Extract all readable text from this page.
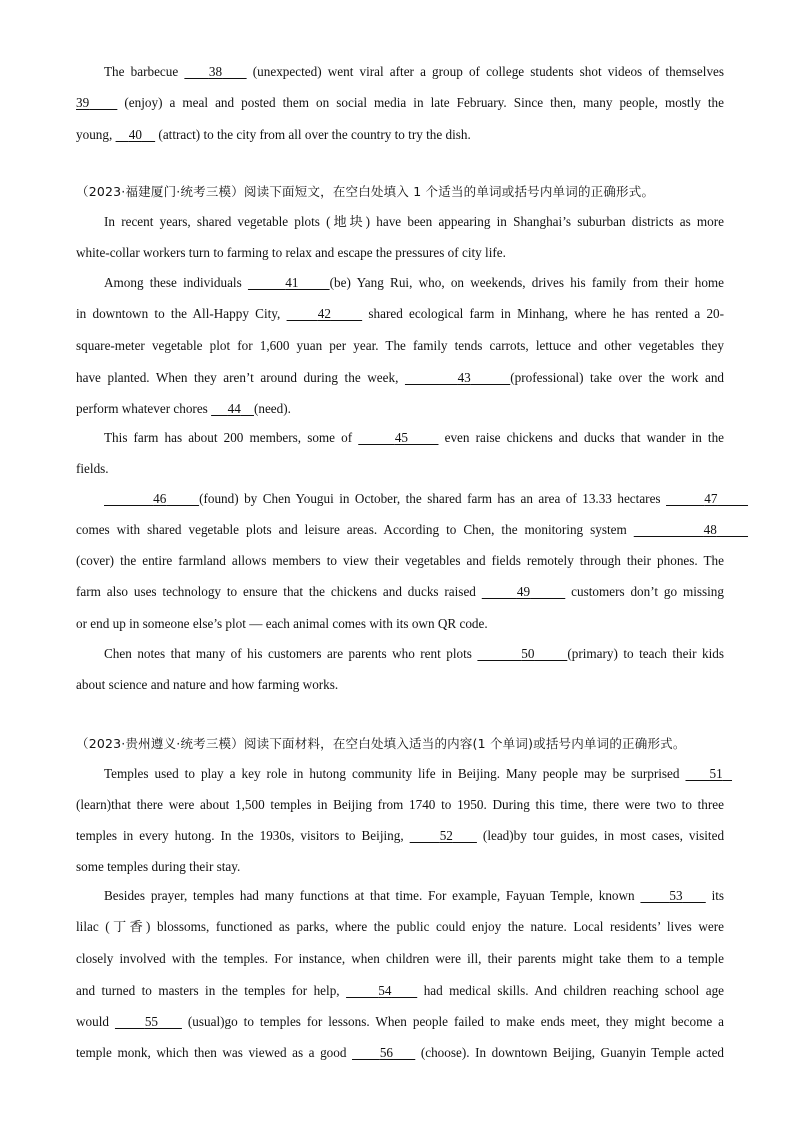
The barbecue 38 (unexpected) went viral after a group of college students shot videos of themselves
39	(enjoy) a meal and posted them on social media in late February. Since then, many people, mostly the
young, 40 (attract) to the city from all over the country to try the dish.
（2023·福建厦门·统考三模）阅读下面短文，在空白处填入 1 个适当的单词或括号内单词的正确形式。
In recent years, shared vegetable plots (地块) have been appearing in Shanghai’s suburban districts as more
white-collar workers turn to farming to relax and escape the pressures of city life.
Among these individuals	41 (be) Yang Rui, who, on weekends, drives his family from their home
in downtown to the All-Happy City,	42	shared ecological farm in Minhang, where he has rented a 20-
square-meter vegetable plot for 1,600 yuan per year. The family tends carrots, lettuce and other vegetables they
have planted. When they aren’t around during the week,	43	(professional) take over the work and
perform whatever chores 44 (need).
This farm has about 200 members, some of	45	even raise chickens and ducks that wander in the
fields.
46 (found) by Chen Yougui in October, the shared farm has an area of 13.33 hectares	47
comes with shared vegetable plots and leisure areas. According to Chen, the monitoring system	48
(cover) the entire farmland allows members to view their vegetables and fields remotely through their phones. The
farm also uses technology to ensure that the chickens and ducks raised	49	customers don’t go missing
or end up in someone else’s plot — each animal comes with its own QR code.
Chen notes that many of his customers are parents who rent plots	50 (primary) to teach their kids
about science and nature and how farming works.
（2023·贵州遵义·统考三模）阅读下面材料，在空白处填入适当的内容(1 个单词)或括号内单词的正确形式。
Temples used to play a key role in hutong community life in Beijing. Many people may be surprised 51
(learn)that there were about 1,500 temples in Beijing from 1740 to 1950. During this time, there were two to three
temples in every hutong. In the 1930s, visitors to Beijing,	52 (lead)by tour guides, in most cases, visited
some temples during their stay.
Besides prayer, temples had many functions at that time. For example, Fayuan Temple, known	53 its
lilac (丁香) blossoms, functioned as parks, where the public could enjoy the nature. Local residents’ lives were
closely involved with the temples. For instance, when children were ill, their parents might take them to a temple
and turned to masters in the temples for help,	54 had medical skills. And children reaching school age
would	55 (usual)go to temples for lessons. When people failed to make ends meet, they might become a
temple monk, which then was viewed as a good	56 (choose). In downtown Beijing, Guanyin Temple acted
